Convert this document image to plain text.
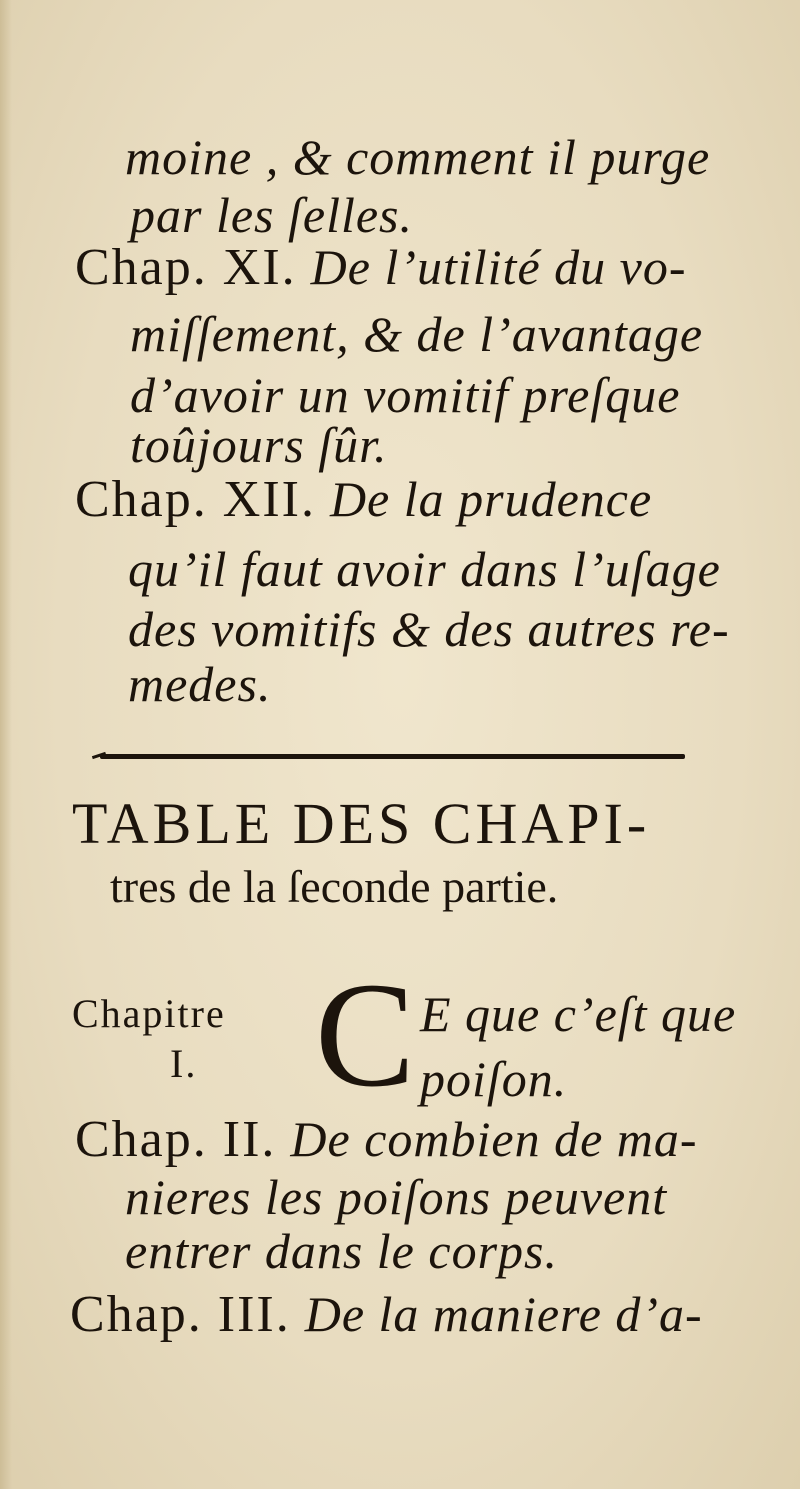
moine , & comment il purge
par les ſelles.
Chap. XI. De l’utilité du vo-
miſſement, & de l’avantage
d’avoir un vomitif preſque
toûjours ſûr.
Chap. XII. De la prudence
qu’il faut avoir dans l’uſage
des vomitifs & des autres re-
medes.
TABLE DES CHAPI-
tres de la ſeconde partie.
Chapitre
I. C E que c’eſt que
poiſon.
Chap. II. De combien de ma-
nieres les poiſons peuvent
entrer dans le corps.
Chap. III. De la maniere d’a-
